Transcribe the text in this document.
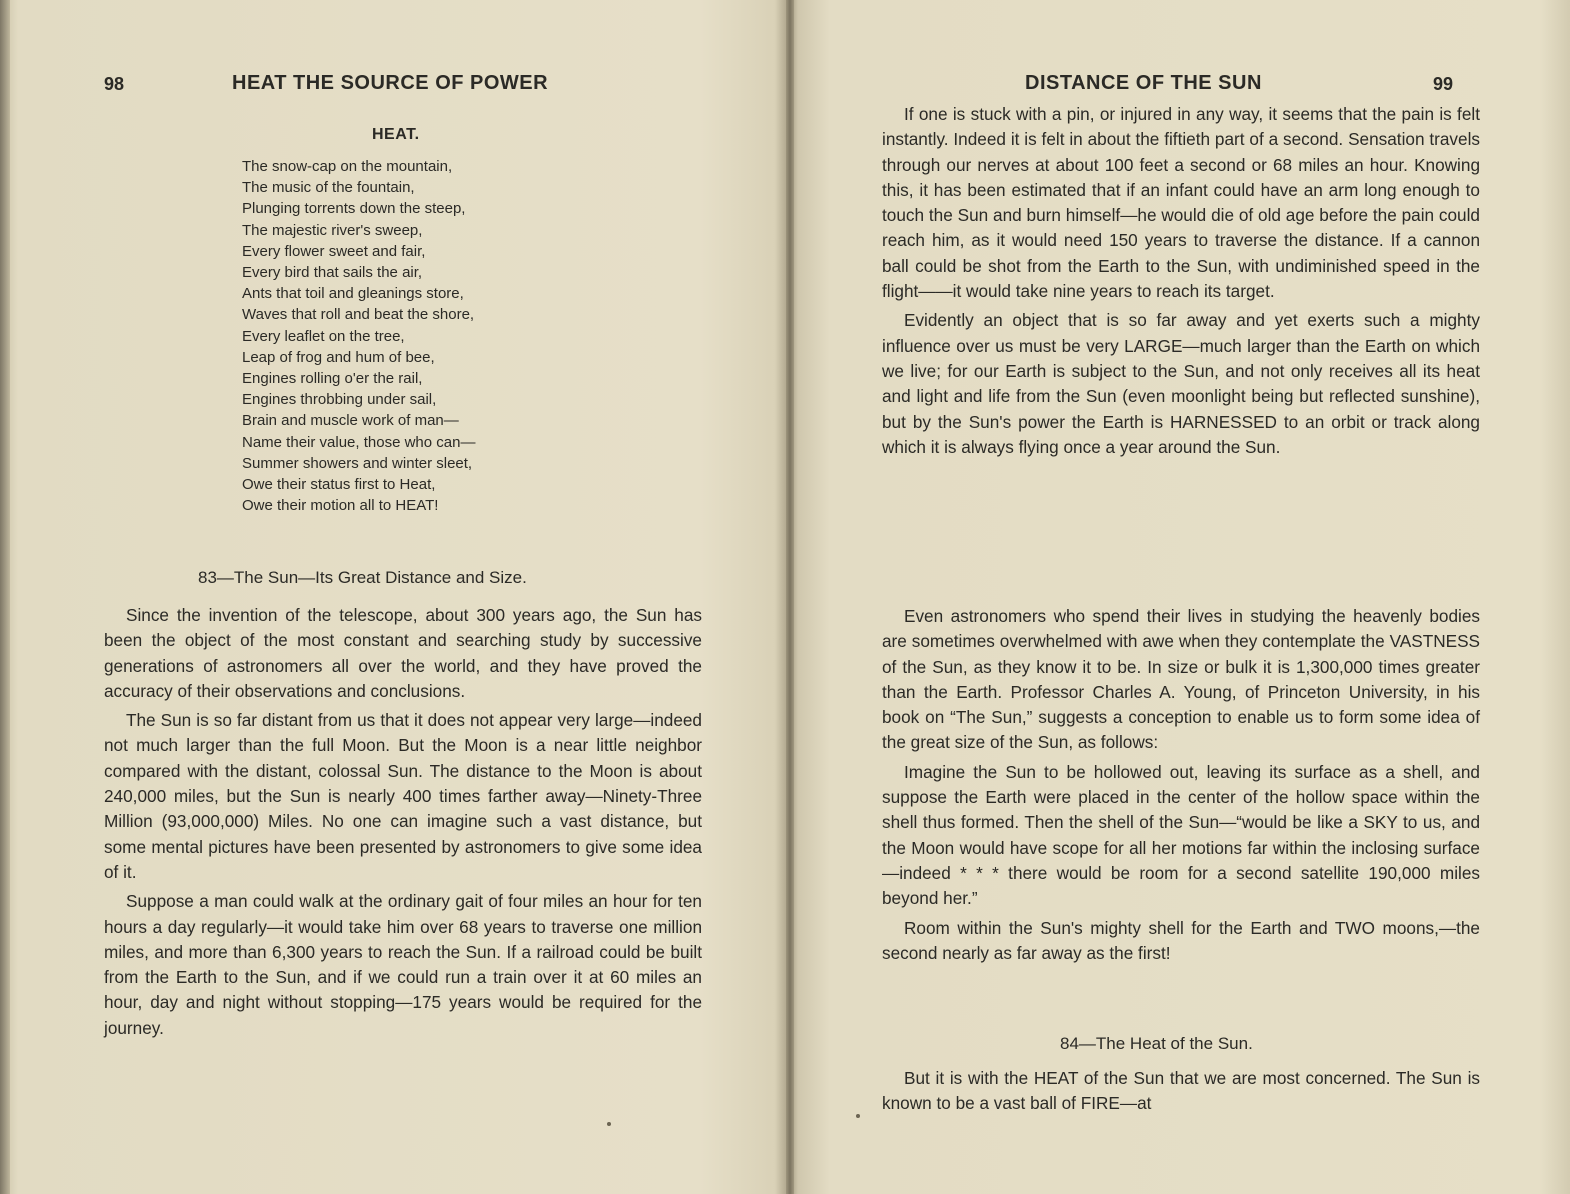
98	HEAT THE SOURCE OF POWER
HEAT.
The snow-cap on the mountain,
The music of the fountain,
Plunging torrents down the steep,
The majestic river's sweep,
Every flower sweet and fair,
Every bird that sails the air,
Ants that toil and gleanings store,
Waves that roll and beat the shore,
Every leaflet on the tree,
Leap of frog and hum of bee,
Engines rolling o'er the rail,
Engines throbbing under sail,
Brain and muscle work of man—
Name their value, those who can—
Summer showers and winter sleet,
Owe their status first to Heat,
Owe their motion all to HEAT!
83—The Sun—Its Great Distance and Size.

Since the invention of the telescope, about 300 years ago, the Sun has been the object of the most constant and searching study by successive generations of astronomers all over the world, and they have proved the accuracy of their observations and conclusions.

The Sun is so far distant from us that it does not appear very large—indeed not much larger than the full Moon. But the Moon is a near little neighbor compared with the distant, colossal Sun. The distance to the Moon is about 240,000 miles, but the Sun is nearly 400 times farther away—Ninety-Three Million (93,000,000) Miles. No one can imagine such a vast distance, but some mental pictures have been presented by astronomers to give some idea of it.

Suppose a man could walk at the ordinary gait of four miles an hour for ten hours a day regularly—it would take him over 68 years to traverse one million miles, and more than 6,300 years to reach the Sun. If a railroad could be built from the Earth to the Sun, and if we could run a train over it at 60 miles an hour, day and night without stopping—175 years would be required for the journey.

DISTANCE OF THE SUN	99

If one is stuck with a pin, or injured in any way, it seems that the pain is felt instantly. Indeed it is felt in about the fiftieth part of a second. Sensation travels through our nerves at about 100 feet a second or 68 miles an hour. Knowing this, it has been estimated that if an infant could have an arm long enough to touch the Sun and burn himself—he would die of old age before the pain could reach him, as it would need 150 years to traverse the distance. If a cannon ball could be shot from the Earth to the Sun, with undiminished speed in the flight——it would take nine years to reach its target.

Evidently an object that is so far away and yet exerts such a mighty influence over us must be very LARGE—much larger than the Earth on which we live; for our Earth is subject to the Sun, and not only receives all its heat and light and life from the Sun (even moonlight being but reflected sunshine), but by the Sun's power the Earth is HARNESSED to an orbit or track along which it is always flying once a year around the Sun.

Even astronomers who spend their lives in studying the heavenly bodies are sometimes overwhelmed with awe when they contemplate the VASTNESS of the Sun, as they know it to be. In size or bulk it is 1,300,000 times greater than the Earth. Professor Charles A. Young, of Princeton University, in his book on “The Sun,” suggests a conception to enable us to form some idea of the great size of the Sun, as follows:

Imagine the Sun to be hollowed out, leaving its surface as a shell, and suppose the Earth were placed in the center of the hollow space within the shell thus formed. Then the shell of the Sun—“would be like a SKY to us, and the Moon would have scope for all her motions far within the inclosing surface—indeed * * * there would be room for a second satellite 190,000 miles beyond her.”

Room within the Sun's mighty shell for the Earth and TWO moons,—the second nearly as far away as the first!

84—The Heat of the Sun.

But it is with the HEAT of the Sun that we are most concerned. The Sun is known to be a vast ball of FIRE—at
